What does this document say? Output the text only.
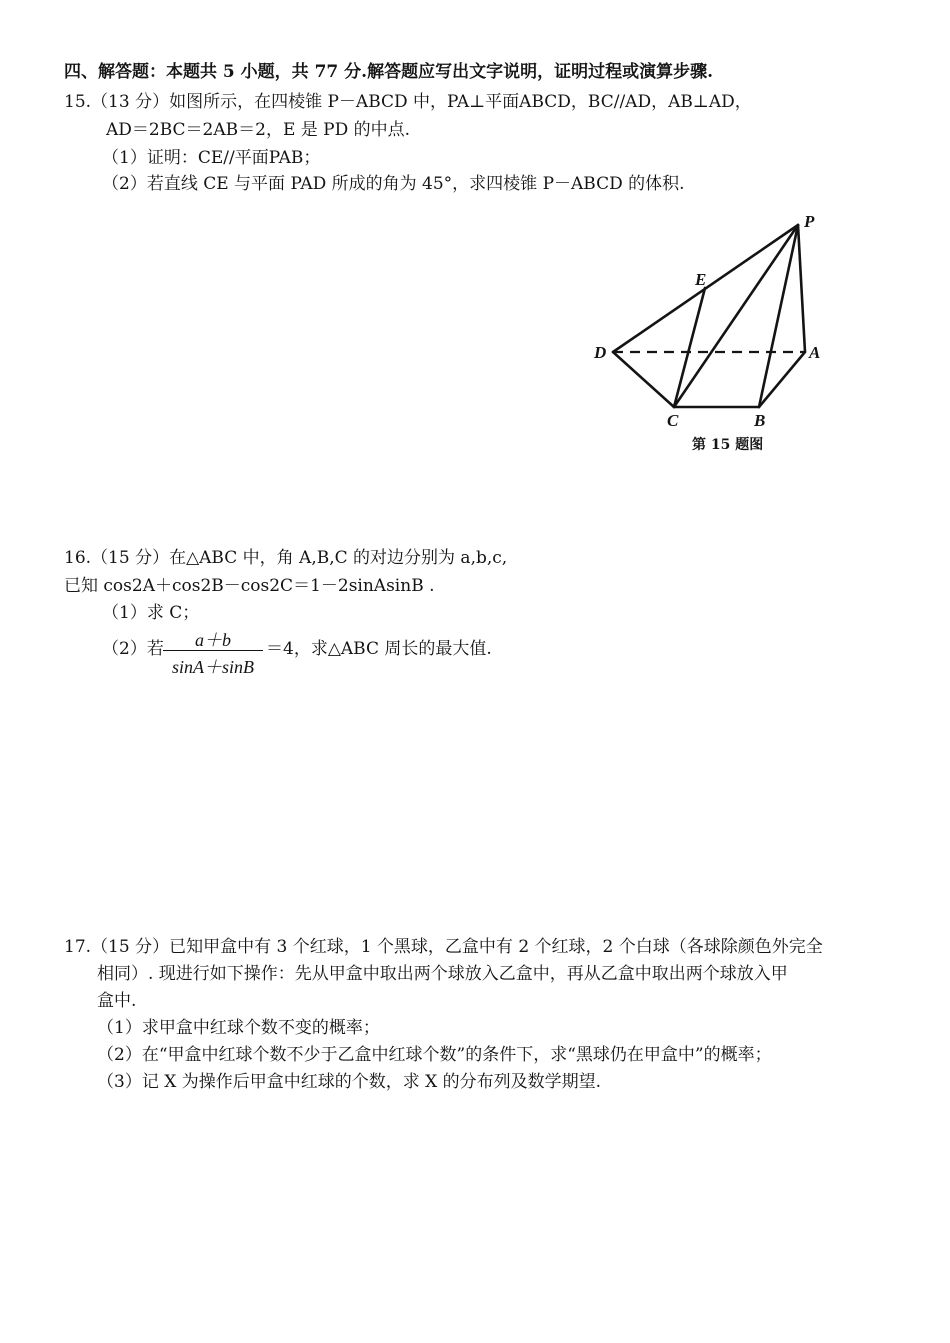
四、解答题：本题共 5 小题，共 77 分.解答题应写出文字说明，证明过程或演算步骤.
15.（13 分）如图所示，在四棱锥 P－ABCD 中，PA⊥平面ABCD，BC//AD，AB⊥AD，
AD＝2BC＝2AB＝2，E 是 PD 的中点.
（1）证明：CE//平面PAB；
（2）若直线 CE 与平面 PAD 所成的角为 45°，求四棱锥 P－ABCD 的体积.
P
E
D	A
C	B
第 15 题图
16.（15 分）在△ABC 中，角 A,B,C 的对边分别为 a,b,c,
已知 cos2A＋cos2B－cos2C＝1－2sinAsinB .
（1）求 C；
（2）若	a＋b
sinA＋sinB
＝4，求△ABC 周长的最大值.
17.（15 分）已知甲盒中有 3 个红球，1 个黑球，乙盒中有 2 个红球，2 个白球（各球除颜色外完全
相同）. 现进行如下操作：先从甲盒中取出两个球放入乙盒中，再从乙盒中取出两个球放入甲
盒中.
（1）求甲盒中红球个数不变的概率；
（2）在“甲盒中红球个数不少于乙盒中红球个数”的条件下，求“黑球仍在甲盒中”的概率；
（3）记 X 为操作后甲盒中红球的个数，求 X 的分布列及数学期望.
